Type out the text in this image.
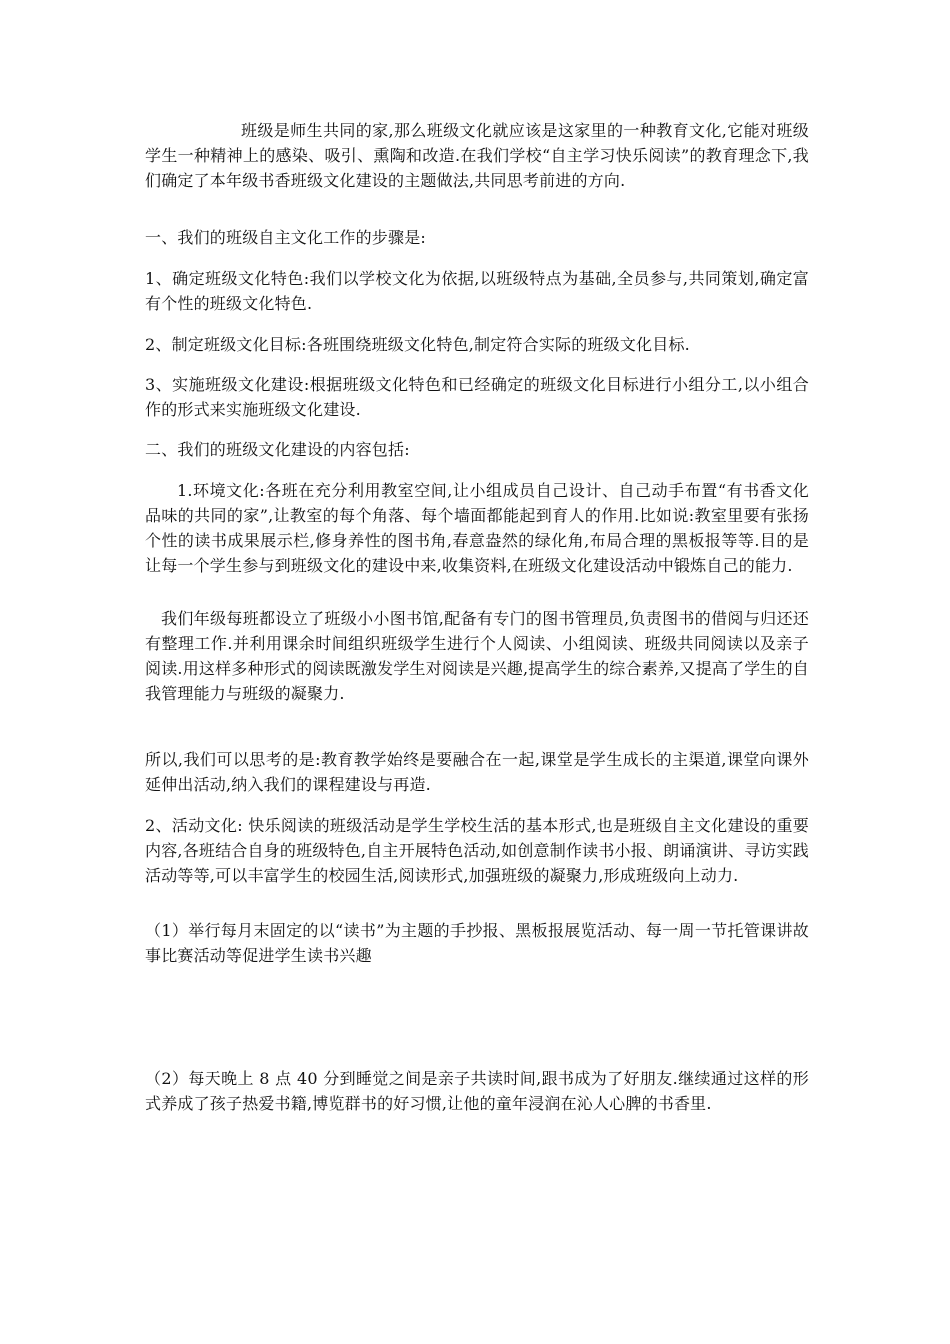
班级是师生共同的家,那么班级文化就应该是这家里的一种教育文化,它能对班级学生一种精神上的感染、吸引、熏陶和改造.在我们学校“自主学习快乐阅读”的教育理念下,我们确定了本年级书香班级文化建设的主题做法,共同思考前进的方向.

一、我们的班级自主文化工作的步骤是:

1、确定班级文化特色:我们以学校文化为依据,以班级特点为基础,全员参与,共同策划,确定富有个性的班级文化特色.

2、制定班级文化目标:各班围绕班级文化特色,制定符合实际的班级文化目标.

3、实施班级文化建设:根据班级文化特色和已经确定的班级文化目标进行小组分工,以小组合作的形式来实施班级文化建设.

二、我们的班级文化建设的内容包括:

1.环境文化:各班在充分利用教室空间,让小组成员自己设计、自己动手布置“有书香文化品味的共同的家”,让教室的每个角落、每个墙面都能起到育人的作用.比如说:教室里要有张扬个性的读书成果展示栏,修身养性的图书角,春意盎然的绿化角,布局合理的黑板报等等.目的是让每一个学生参与到班级文化的建设中来,收集资料,在班级文化建设活动中锻炼自己的能力.

我们年级每班都设立了班级小小图书馆,配备有专门的图书管理员,负责图书的借阅与归还还有整理工作.并利用课余时间组织班级学生进行个人阅读、小组阅读、班级共同阅读以及亲子阅读.用这样多种形式的阅读既激发学生对阅读是兴趣,提高学生的综合素养,又提高了学生的自我管理能力与班级的凝聚力.

所以,我们可以思考的是:教育教学始终是要融合在一起,课堂是学生成长的主渠道,课堂向课外延伸出活动,纳入我们的课程建设与再造.

2、活动文化: 快乐阅读的班级活动是学生学校生活的基本形式,也是班级自主文化建设的重要内容,各班结合自身的班级特色,自主开展特色活动,如创意制作读书小报、朗诵演讲、寻访实践活动等等,可以丰富学生的校园生活,阅读形式,加强班级的凝聚力,形成班级向上动力.

（1）举行每月末固定的以“读书”为主题的手抄报、黑板报展览活动、每一周一节托管课讲故事比赛活动等促进学生读书兴趣

（2）每天晚上 8 点 40 分到睡觉之间是亲子共读时间,跟书成为了好朋友.继续通过这样的形式养成了孩子热爱书籍,博览群书的好习惯,让他的童年浸润在沁人心脾的书香里.
